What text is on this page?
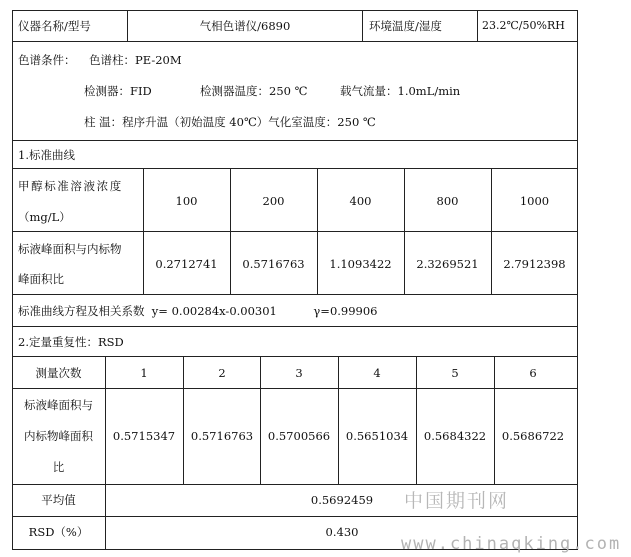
仪器名称/型号	气相色谱仪/6890	环境温度/湿度	23.2℃/50%RH
色谱条件： 色谱柱：PE-20M
检测器：FID	检测器温度：250 ℃	载气流量：1.0mL/min
柱 温：程序升温（初始温度 40℃）气化室温度：250 ℃
1.标准曲线
甲醇标准溶液浓度
（mg/L）
100	200	400	800	1000
标液峰面积与内标物
峰面积比
0.2712741	0.5716763	1.1093422	2.3269521	2.7912398
标准曲线方程及相关系数  y= 0.00284x-0.00301          γ=0.99906
2.定量重复性：RSD
测量次数	1	2	3	4	5	6
标液峰面积与
内标物峰面积
比
0.5715347	0.5716763	0.5700566	0.5651034	0.5684322	0.5686722
平均值	0.5692459
RSD（%）	0.430
中国期刊网
www.chinaqking.com
